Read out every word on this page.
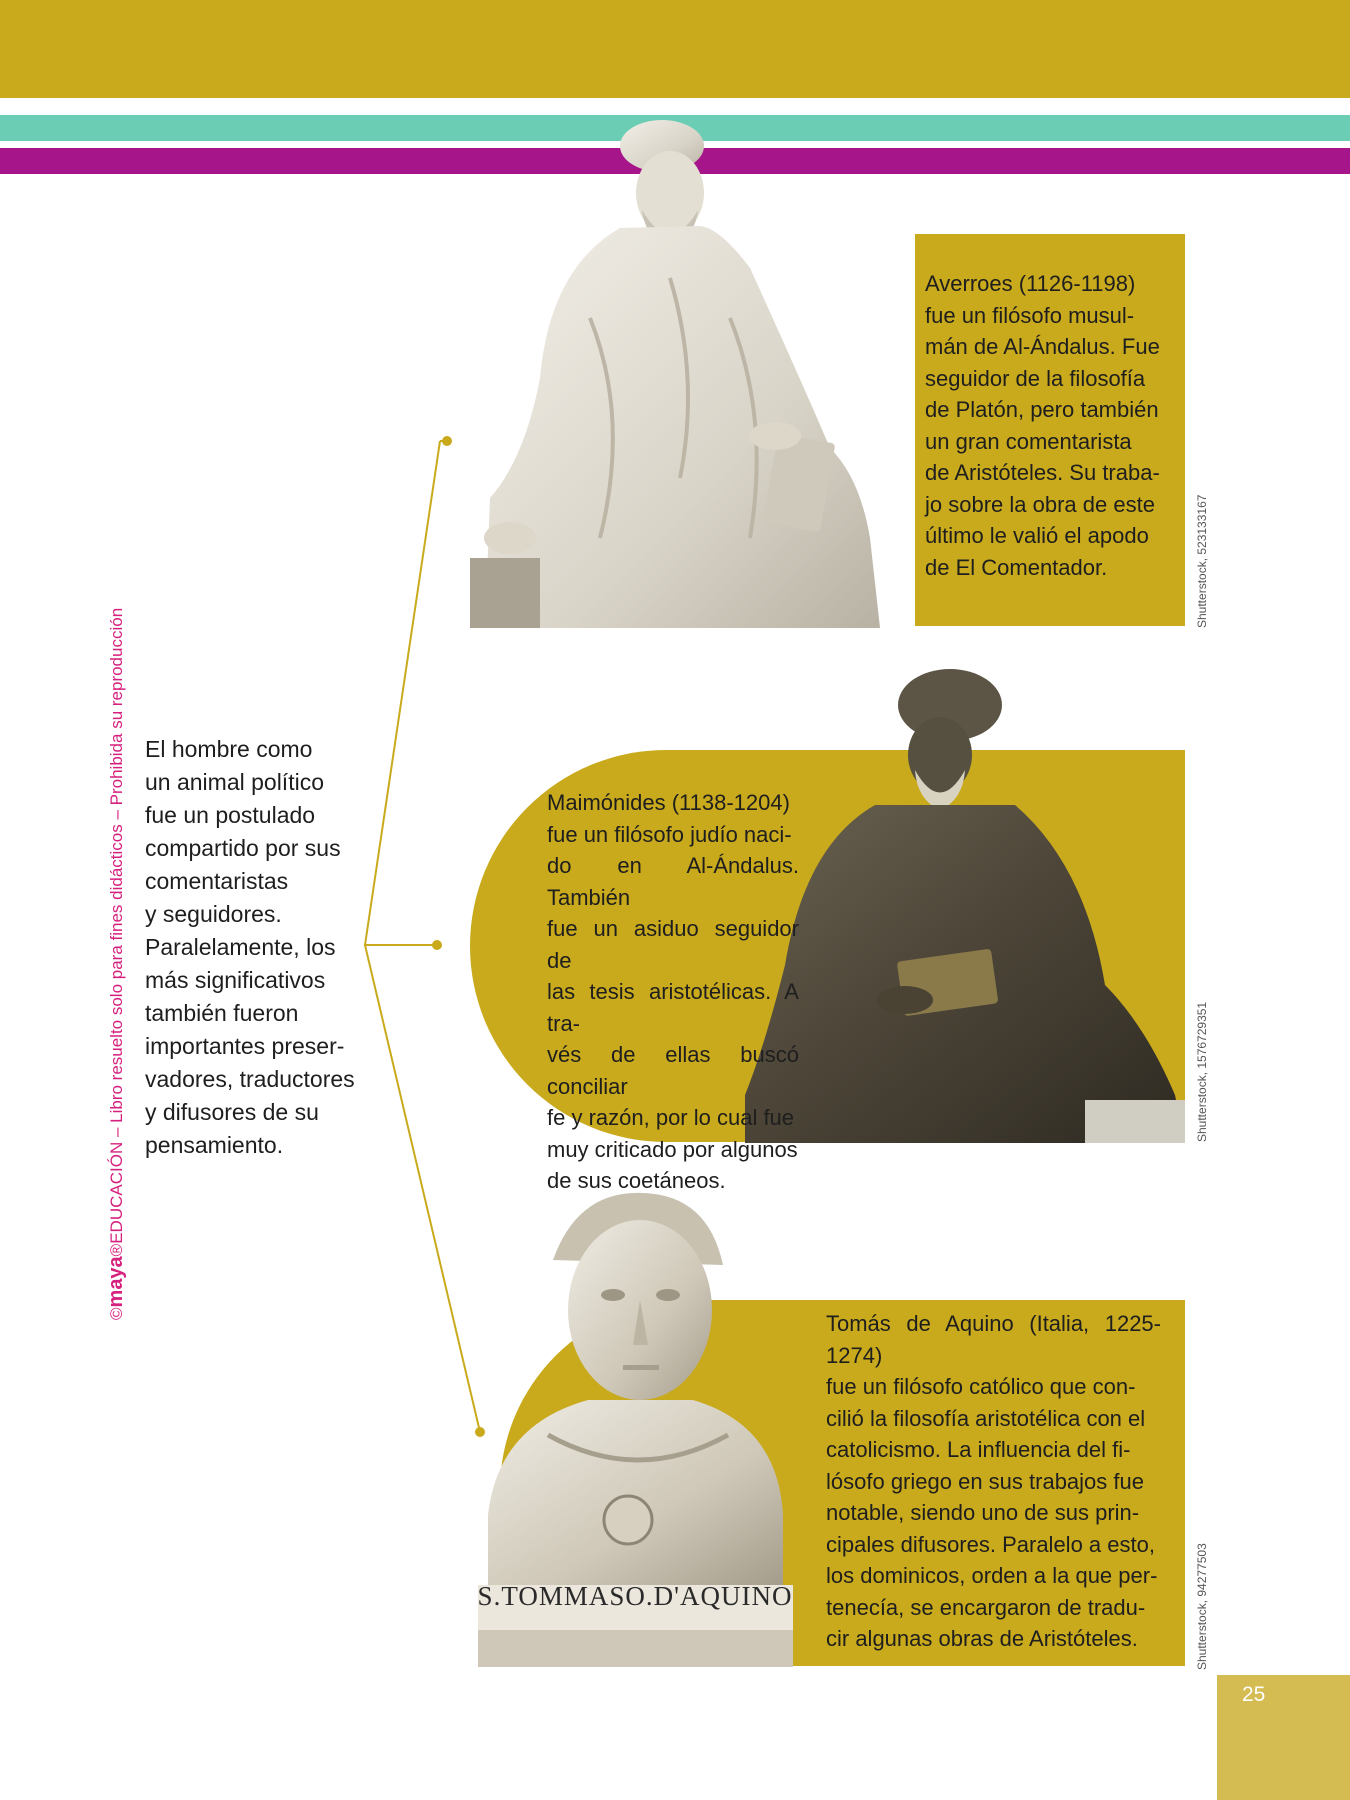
©maya®EDUCACIÓN – Libro resuelto solo para fines didácticos – Prohibida su reproducción El hombre como

un animal político

fue un postulado

compartido por sus

comentaristas

y seguidores.

Paralelamente, los

más significativos

también fueron

importantes preser-

vadores, traductores

y difusores de su

pensamiento.

S.TOMMASO.D'AQUINO

Averroes (1126-1198)

fue un filósofo musul-

mán de Al-Ándalus. Fue

seguidor de la filosofía

de Platón, pero también

un gran comentarista

de Aristóteles. Su traba-

jo sobre la obra de este

último le valió el apodo

de El Comentador.

Maimónides (1138-1204)

fue un filósofo judío naci-

do en Al-Ándalus. También

fue un asiduo seguidor de

las tesis aristotélicas. A tra-

vés de ellas buscó conciliar

fe y razón, por lo cual fue

muy criticado por algunos

de sus coetáneos.

Tomás de Aquino (Italia, 1225-1274)

fue un filósofo católico que con-

cilió la filosofía aristotélica con el

catolicismo. La influencia del fi-

lósofo griego en sus trabajos fue

notable, siendo uno de sus prin-

cipales difusores. Paralelo a esto,

los dominicos, orden a la que per-

tenecía, se encargaron de tradu-

cir algunas obras de Aristóteles.

Shutterstock, 523133167
Shutterstock, 1576729351
Shutterstock, 94277503
25
